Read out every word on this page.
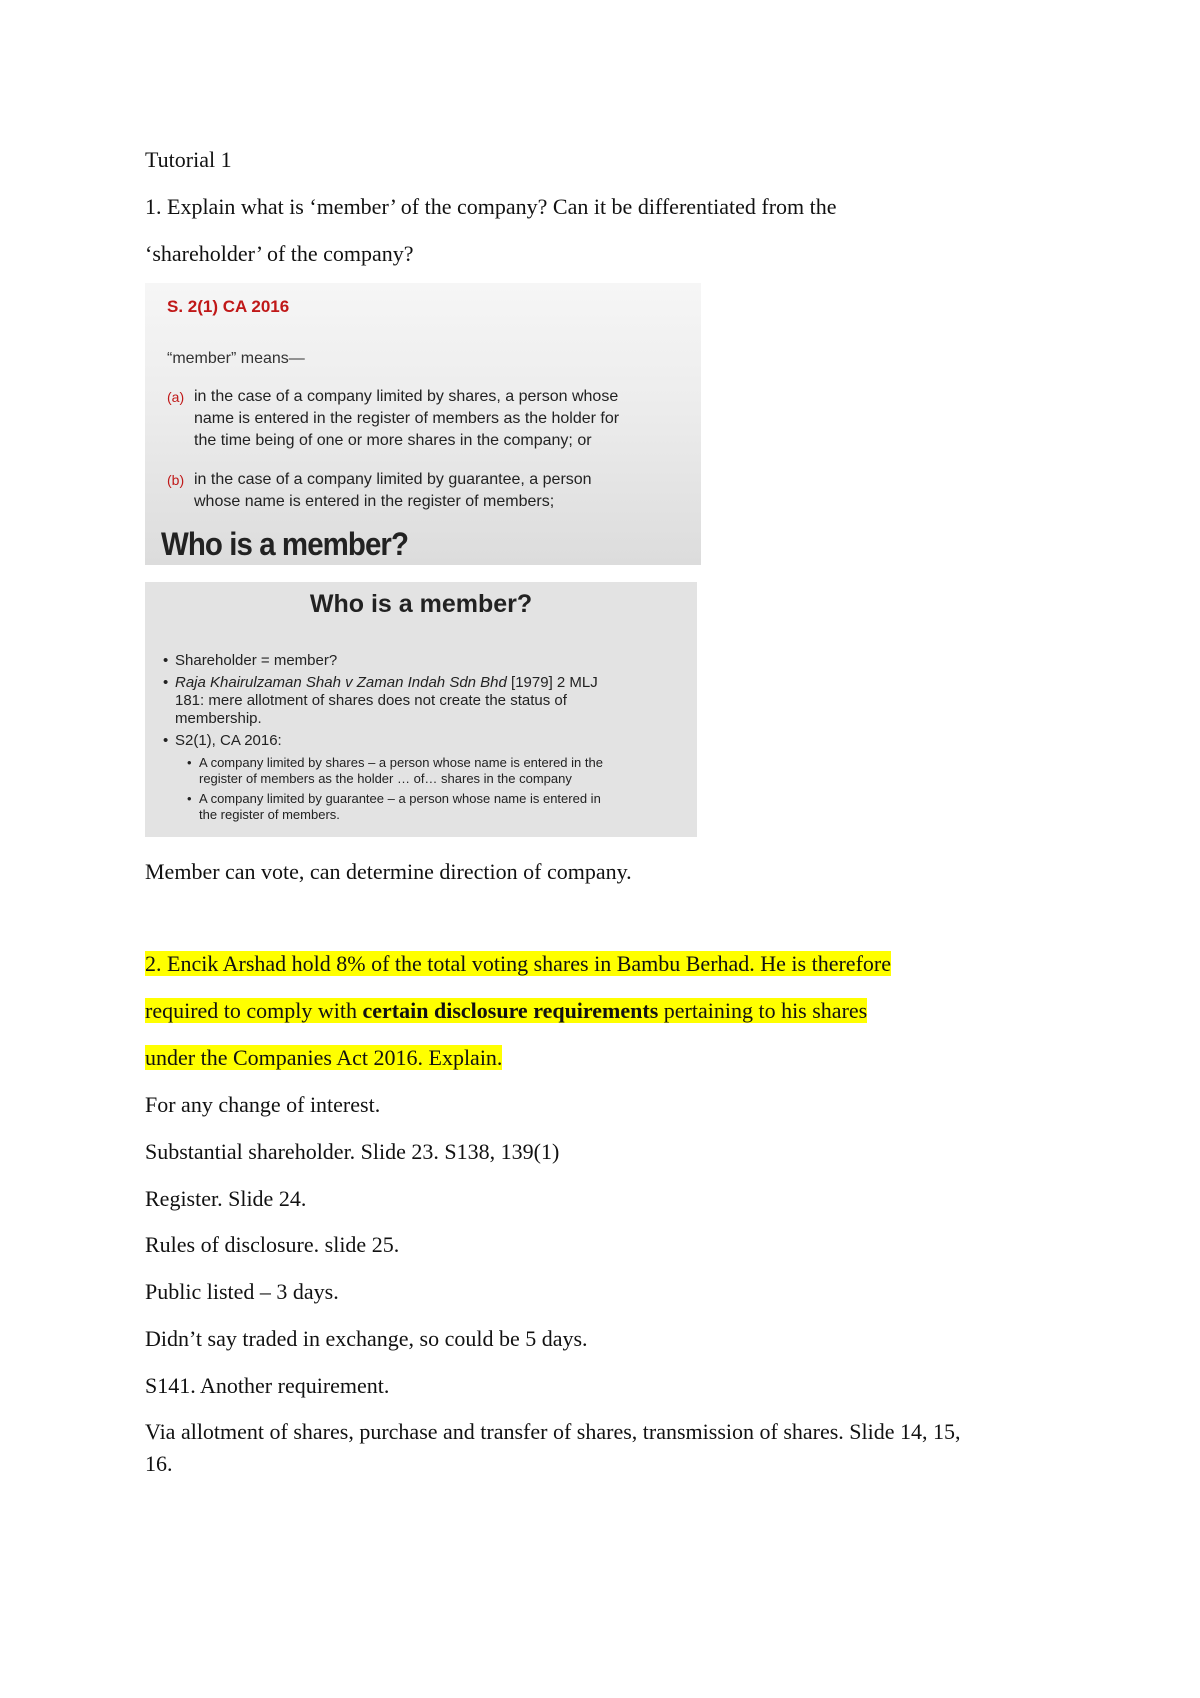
Tutorial 1
1. Explain what is ‘member’ of the company? Can it be differentiated from the
‘shareholder’ of the company?
S. 2(1) CA 2016
“member” means—
(a) in the case of a company limited by shares, a person whose
name is entered in the register of members as the holder for
the time being of one or more shares in the company; or
(b) in the case of a company limited by guarantee, a person
whose name is entered in the register of members;
Who is a member?
Who is a member?
• Shareholder = member?
• Raja Khairulzaman Shah v Zaman Indah Sdn Bhd [1979] 2 MLJ
181: mere allotment of shares does not create the status of
membership.
• S2(1), CA 2016:
• A company limited by shares – a person whose name is entered in the
register of members as the holder … of… shares in the company
• A company limited by guarantee – a person whose name is entered in
the register of members.
Member can vote, can determine direction of company.
2. Encik Arshad hold 8% of the total voting shares in Bambu Berhad. He is therefore
required to comply with certain disclosure requirements pertaining to his shares
under the Companies Act 2016. Explain.
For any change of interest.
Substantial shareholder. Slide 23. S138, 139(1)
Register. Slide 24.
Rules of disclosure. slide 25.
Public listed – 3 days.
Didn’t say traded in exchange, so could be 5 days.
S141. Another requirement.
Via allotment of shares, purchase and transfer of shares, transmission of shares. Slide 14, 15,
16.
